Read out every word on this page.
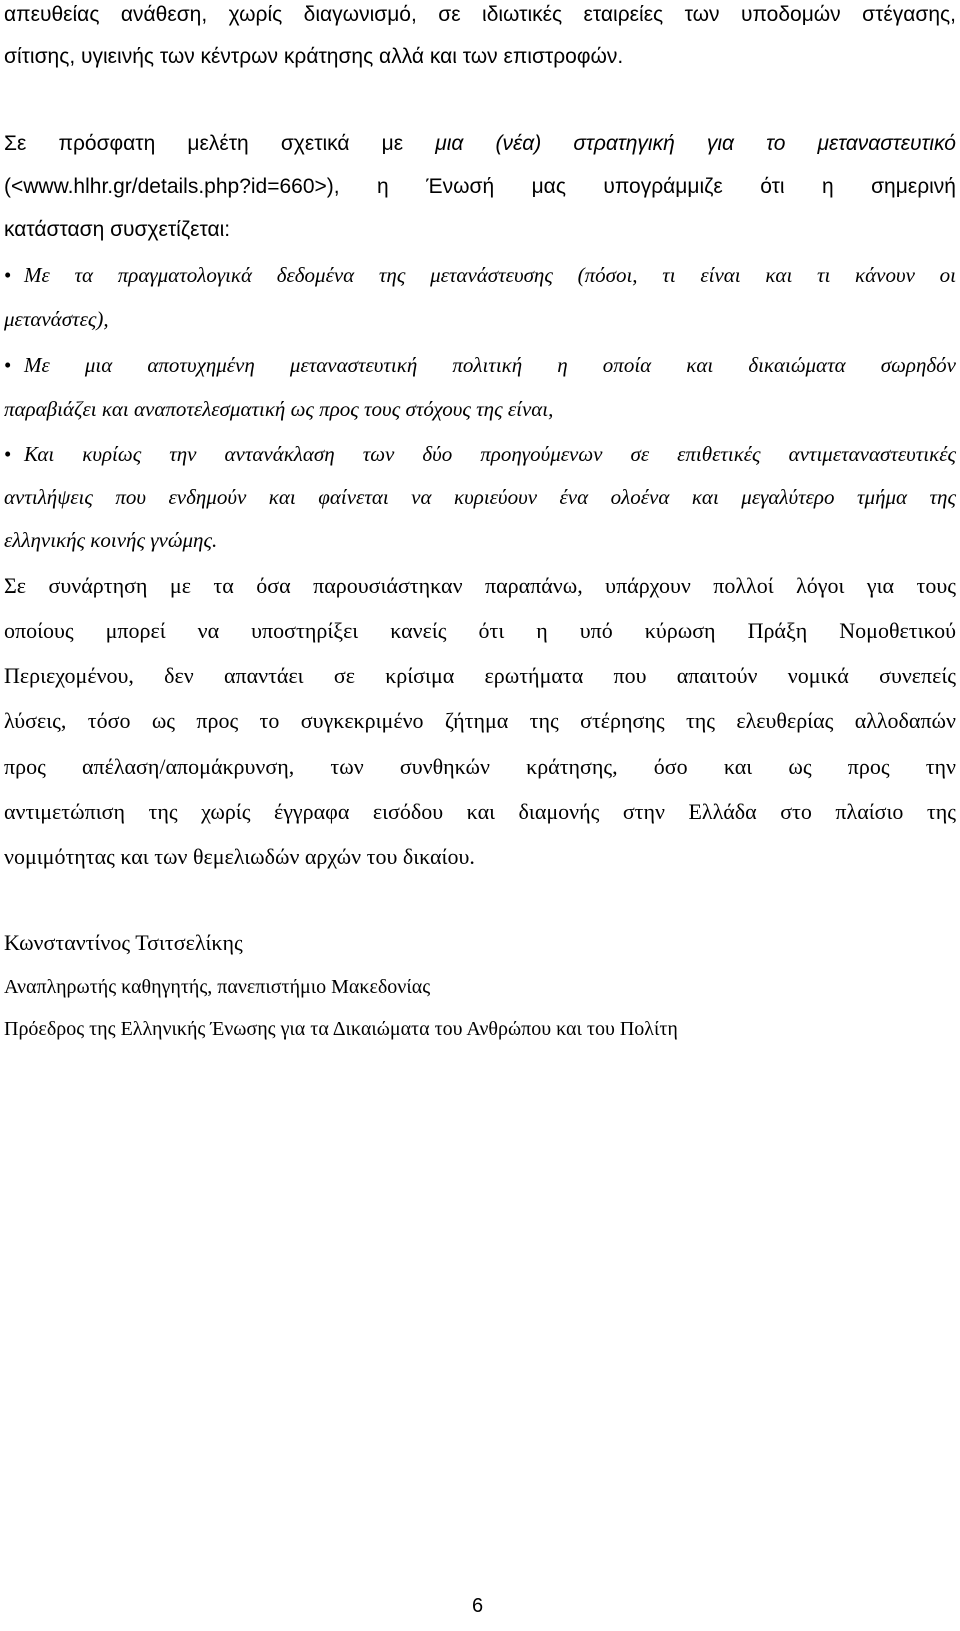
απευθείας ανάθεση, χωρίς διαγωνισμό, σε ιδιωτικές εταιρείες των υποδομών στέγασης,
σίτισης, υγιεινής των κέντρων κράτησης αλλά και των επιστροφών.
Σε πρόσφατη μελέτη σχετικά με μια (νέα) στρατηγική για το μεταναστευτικό
(<www.hlhr.gr/details.php?id=660>), η Ένωσή μας υπογράμμιζε ότι η σημερινή
κατάσταση συσχετίζεται:
• Με τα πραγματολογικά δεδομένα της μετανάστευσης (πόσοι, τι είναι και τι κάνουν οι
μετανάστες),
• Με μια αποτυχημένη μεταναστευτική πολιτική η οποία και δικαιώματα σωρηδόν
παραβιάζει και αναποτελεσματική ως προς τους στόχους της είναι,
• Και κυρίως την αντανάκλαση των δύο προηγούμενων σε επιθετικές αντιμεταναστευτικές
αντιλήψεις που ενδημούν και φαίνεται να κυριεύουν ένα ολοένα και μεγαλύτερο τμήμα της
ελληνικής κοινής γνώμης.
Σε συνάρτηση με τα όσα παρουσιάστηκαν παραπάνω, υπάρχουν πολλοί λόγοι για τους
οποίους μπορεί να υποστηρίξει κανείς ότι η υπό κύρωση Πράξη Νομοθετικού
Περιεχομένου, δεν απαντάει σε κρίσιμα ερωτήματα που απαιτούν νομικά συνεπείς
λύσεις, τόσο ως προς το συγκεκριμένο ζήτημα της στέρησης της ελευθερίας αλλοδαπών
προς απέλαση/απομάκρυνση, των συνθηκών κράτησης, όσο και ως προς την
αντιμετώπιση της χωρίς έγγραφα εισόδου και διαμονής στην Ελλάδα στο πλαίσιο της
νομιμότητας και των θεμελιωδών αρχών του δικαίου.
Κωνσταντίνος Τσιτσελίκης
Αναπληρωτής καθηγητής, πανεπιστήμιο Μακεδονίας
Πρόεδρος της Ελληνικής Ένωσης για τα Δικαιώματα του Ανθρώπου και του Πολίτη
6
